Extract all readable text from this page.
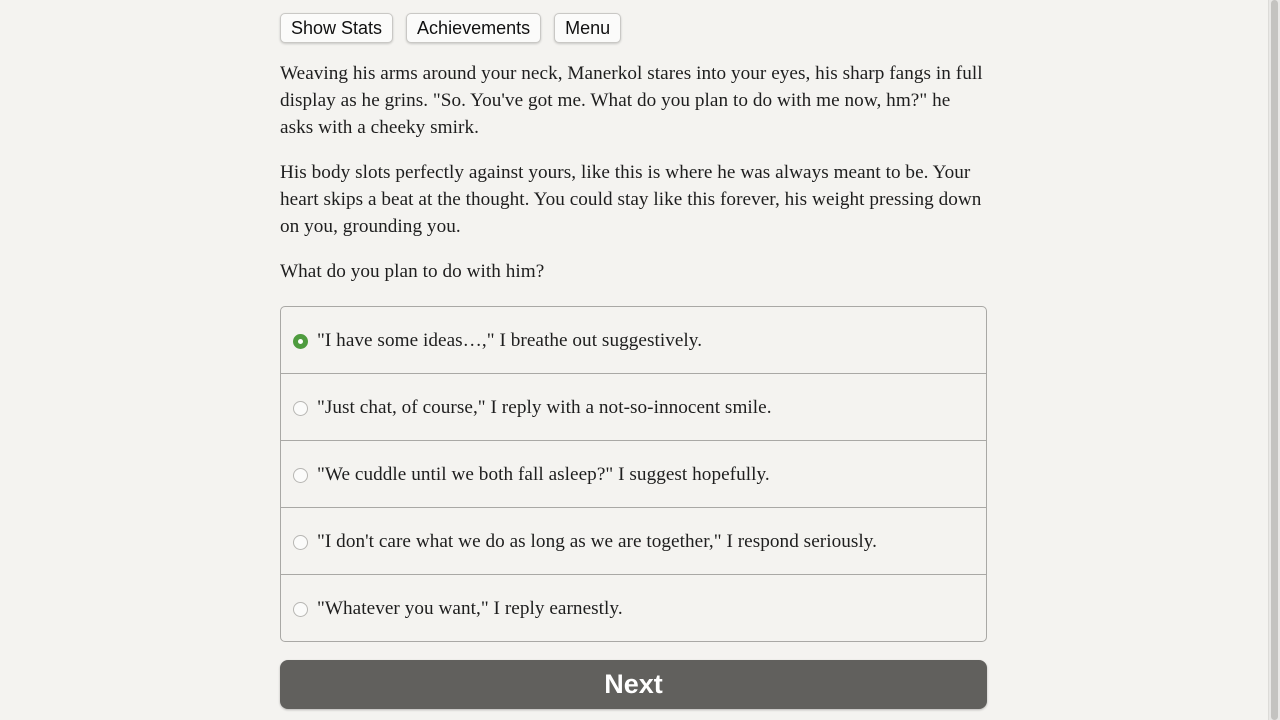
Show Stats	Achievements	Menu

Weaving his arms around your neck, Manerkol stares into your eyes, his sharp fangs in full display as he grins. "So. You've got me. What do you plan to do with me now, hm?" he asks with a cheeky smirk.

His body slots perfectly against yours, like this is where he was always meant to be. Your heart skips a beat at the thought. You could stay like this forever, his weight pressing down on you, grounding you.

What do you plan to do with him?

"I have some ideas…," I breathe out suggestively.
"Just chat, of course," I reply with a not-so-innocent smile.
"We cuddle until we both fall asleep?" I suggest hopefully.
"I don't care what we do as long as we are together," I respond seriously.
"Whatever you want," I reply earnestly.
Next
